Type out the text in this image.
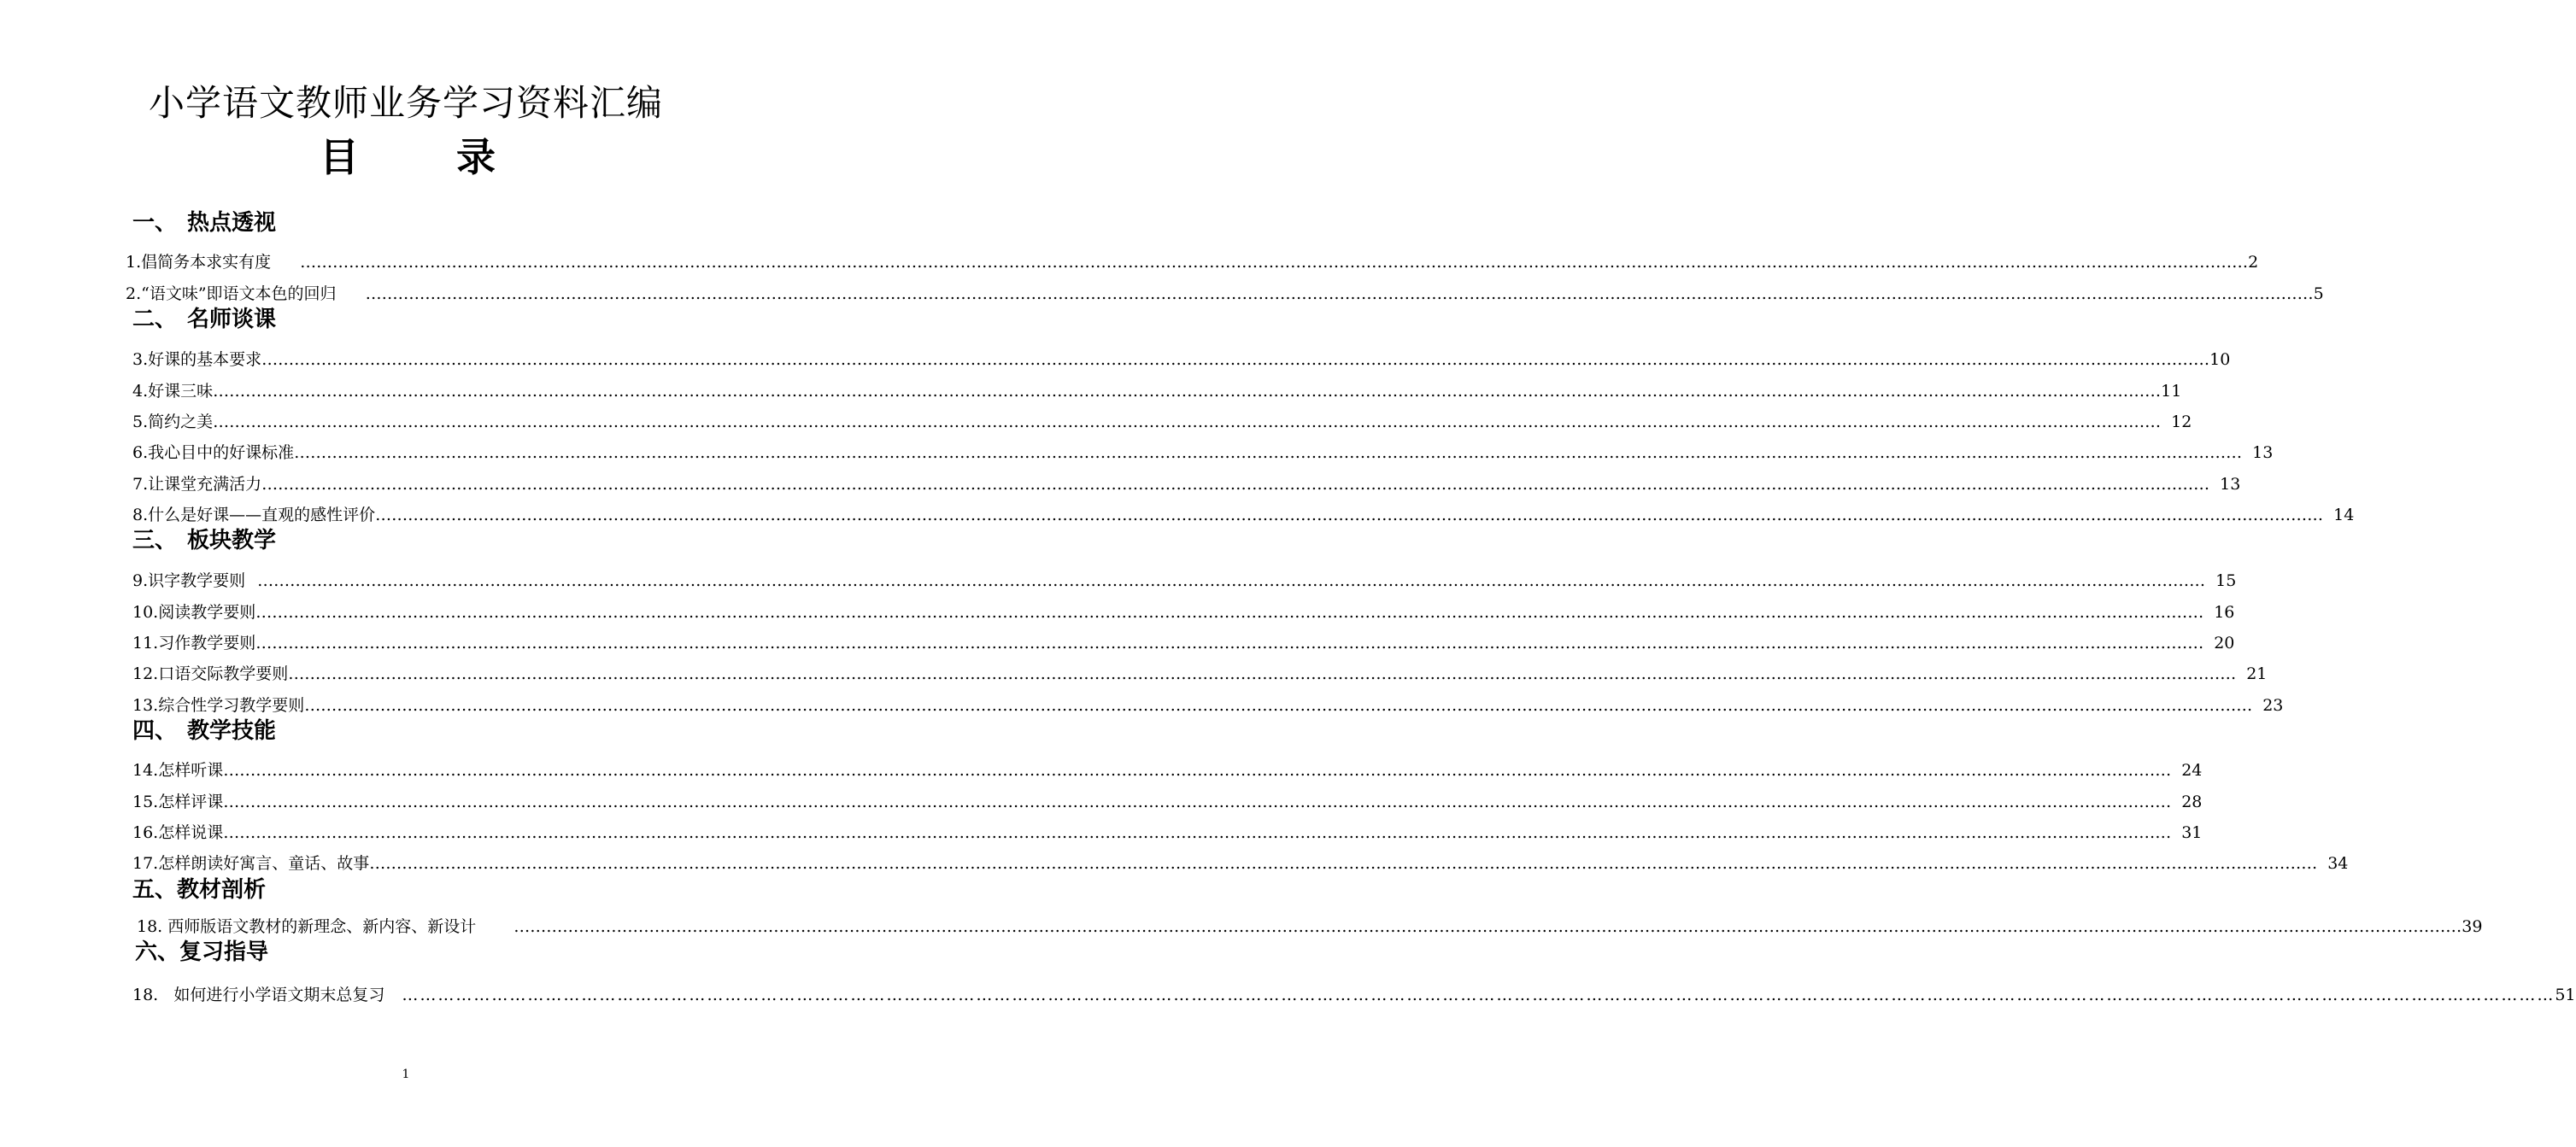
小学语文教师业务学习资料汇编
目 录
一、 热点透视
二、 名师谈课
三、 板块教学
四、 教学技能
五、教材剖析
六、复习指导
1.倡简务本求实有度 ……………………………………………………………………………………………………………………………………………………………………………………………………………………………………………………………………………………………………………………………… 2
2.“语文味”即语文本色的回归 ……………………………………………………………………………………………………………………………………………………………………………………………………………………………………………………………………………………………………………………………… 5
3.好课的基本要求 ……………………………………………………………………………………………………………………………………………………………………………………………………………………………………………………………………………………………………………………………… 10
4.好课三味 ……………………………………………………………………………………………………………………………………………………………………………………………………………………………………………………………………………………………………………………………… 11
5.简约之美 ……………………………………………………………………………………………………………………………………………………………………………………………………………………………………………………………………………………………………………………………… 12
6.我心目中的好课标准 ……………………………………………………………………………………………………………………………………………………………………………………………………………………………………………………………………………………………………………………………… 13
7.让课堂充满活力 ……………………………………………………………………………………………………………………………………………………………………………………………………………………………………………………………………………………………………………………………… 13
8.什么是好课——直观的感性评价 ……………………………………………………………………………………………………………………………………………………………………………………………………………………………………………………………………………………………………………………………… 14
9.识字教学要则 ……………………………………………………………………………………………………………………………………………………………………………………………………………………………………………………………………………………………………………………………… 15
10.阅读教学要则 ……………………………………………………………………………………………………………………………………………………………………………………………………………………………………………………………………………………………………………………………… 16
11.习作教学要则 ……………………………………………………………………………………………………………………………………………………………………………………………………………………………………………………………………………………………………………………………… 20
12.口语交际教学要则 ……………………………………………………………………………………………………………………………………………………………………………………………………………………………………………………………………………………………………………………………… 21
13.综合性学习教学要则 ……………………………………………………………………………………………………………………………………………………………………………………………………………………………………………………………………………………………………………………………… 23
14.怎样听课 ……………………………………………………………………………………………………………………………………………………………………………………………………………………………………………………………………………………………………………………………… 24
15.怎样评课 ……………………………………………………………………………………………………………………………………………………………………………………………………………………………………………………………………………………………………………………………… 28
16.怎样说课 ……………………………………………………………………………………………………………………………………………………………………………………………………………………………………………………………………………………………………………………………… 31
17.怎样朗读好寓言、童话、故事 ……………………………………………………………………………………………………………………………………………………………………………………………………………………………………………………………………………………………………………………………… 34
18. 西师版语文教材的新理念、新内容、新设计 ……………………………………………………………………………………………………………………………………………………………………………………………………………………………………………………………………………………………………………………………… 39
18.   如何进行小学语文期末总复习 ……………………………………………………………………………………………………………………………………………………………………………………………………………………………………………………………………………………………………………………………… 51
1
